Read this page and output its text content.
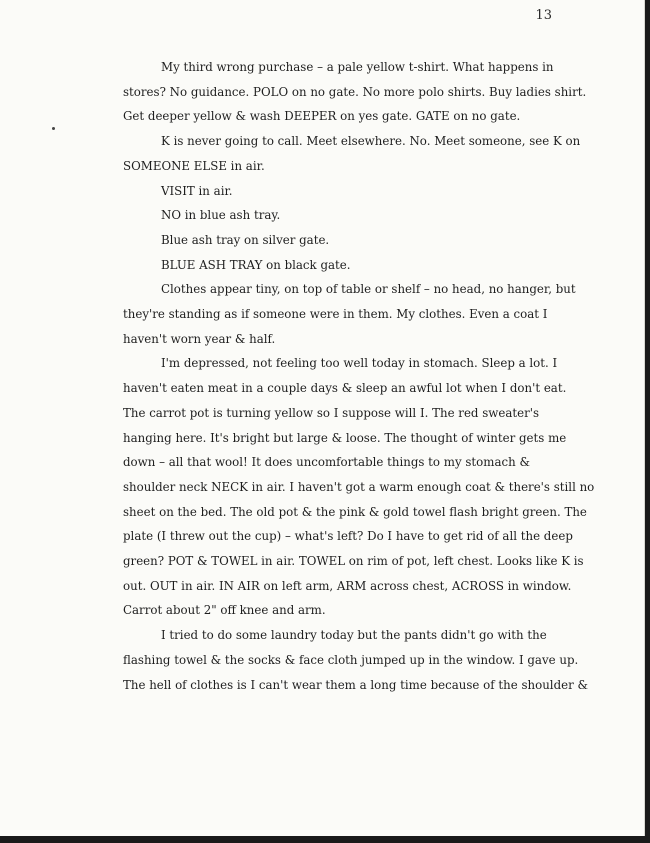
13

My third wrong purchase – a pale yellow t-shirt. What happens in

stores? No guidance. POLO on no gate. No more polo shirts. Buy ladies shirt.

Get deeper yellow & wash DEEPER on yes gate. GATE on no gate.

K is never going to call. Meet elsewhere. No. Meet someone, see K on

SOMEONE ELSE in air.

VISIT in air.

NO in blue ash tray.

Blue ash tray on silver gate.

BLUE ASH TRAY on black gate.

Clothes appear tiny, on top of table or shelf – no head, no hanger, but

they're standing as if someone were in them. My clothes. Even a coat I

haven't worn year & half.

I'm depressed, not feeling too well today in stomach. Sleep a lot. I

haven't eaten meat in a couple days & sleep an awful lot when I don't eat.

The carrot pot is turning yellow so I suppose will I. The red sweater's

hanging here. It's bright but large & loose. The thought of winter gets me

down – all that wool! It does uncomfortable things to my stomach &

shoulder neck NECK in air. I haven't got a warm enough coat & there's still no

sheet on the bed. The old pot & the pink & gold towel flash bright green. The

plate (I threw out the cup) – what's left? Do I have to get rid of all the deep

green? POT & TOWEL in air. TOWEL on rim of pot, left chest. Looks like K is

out. OUT in air. IN AIR on left arm, ARM across chest, ACROSS in window.

Carrot about 2" off knee and arm.

I tried to do some laundry today but the pants didn't go with the

flashing towel & the socks & face cloth jumped up in the window. I gave up.

The hell of clothes is I can't wear them a long time because of the shoulder &
